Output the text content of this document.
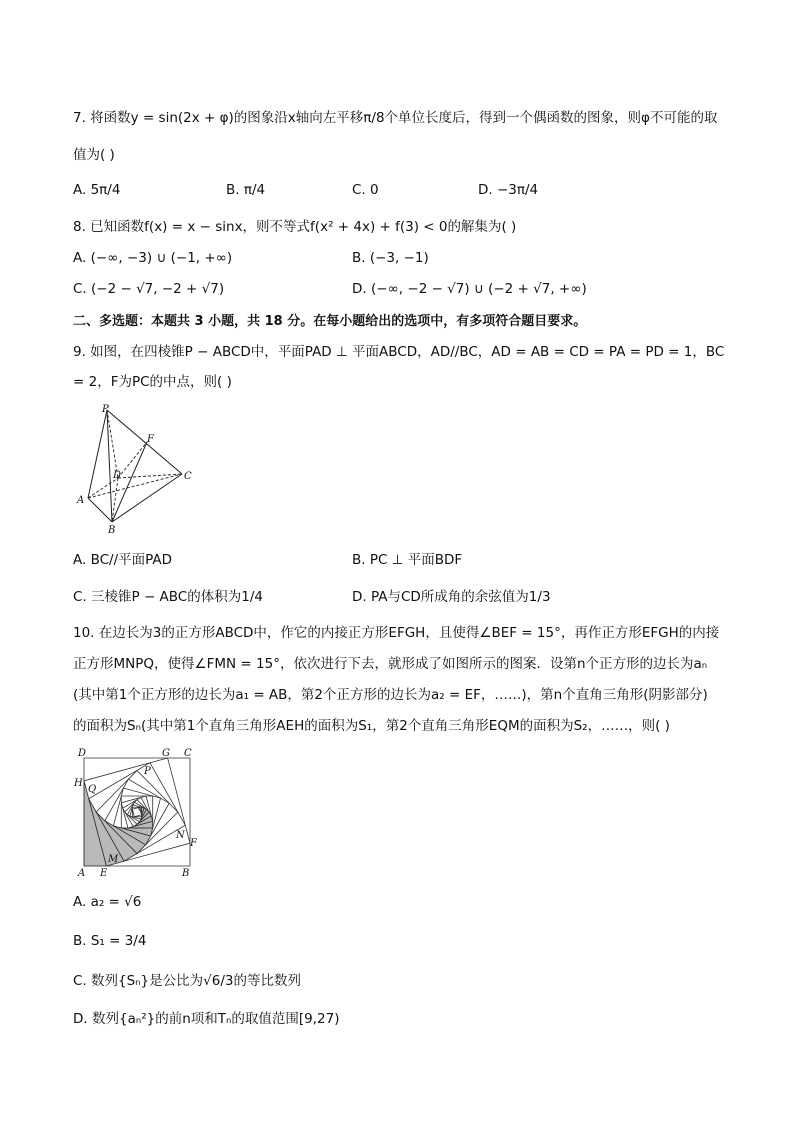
7. 将函数y = sin(2x + φ)的图象沿x轴向左平移π/8个单位长度后，得到一个偶函数的图象，则φ不可能的取
值为( )
A. 5π/4	B. π/4	C. 0	D. −3π/4
8. 已知函数f(x) = x − sinx，则不等式f(x² + 4x) + f(3) < 0的解集为( )
A. (−∞, −3) ∪ (−1, +∞)	B. (−3, −1)
C. (−2 − √7, −2 + √7)	D. (−∞, −2 − √7) ∪ (−2 + √7, +∞)
二、多选题：本题共 3 小题，共 18 分。在每小题给出的选项中，有多项符合题目要求。
9. 如图，在四棱锥P − ABCD中，平面PAD ⊥ 平面ABCD，AD//BC，AD = AB = CD = PA = PD = 1，BC
= 2，F为PC的中点，则( )
P
F
D	C
A
B
A. BC//平面PAD	B. PC ⊥ 平面BDF
C. 三棱锥P − ABC的体积为1/4	D. PA与CD所成角的余弦值为1/3
10. 在边长为3的正方形ABCD中，作它的内接正方形EFGH，且使得∠BEF = 15°，再作正方形EFGH的内接
正方形MNPQ，使得∠FMN = 15°，依次进行下去，就形成了如图所示的图案．设第n个正方形的边长为aₙ
(其中第1个正方形的边长为a₁ = AB，第2个正方形的边长为a₂ = EF，……)，第n个直角三角形(阴影部分)
的面积为Sₙ(其中第1个直角三角形AEH的面积为S₁，第2个直角三角形EQM的面积为S₂，……，则( )
D	G C
H
P
Q
N
F
M
A E	B
A. a₂ = √6
B. S₁ = 3/4
C. 数列{Sₙ}是公比为√6/3的等比数列
D. 数列{aₙ²}的前n项和Tₙ的取值范围[9,27)
